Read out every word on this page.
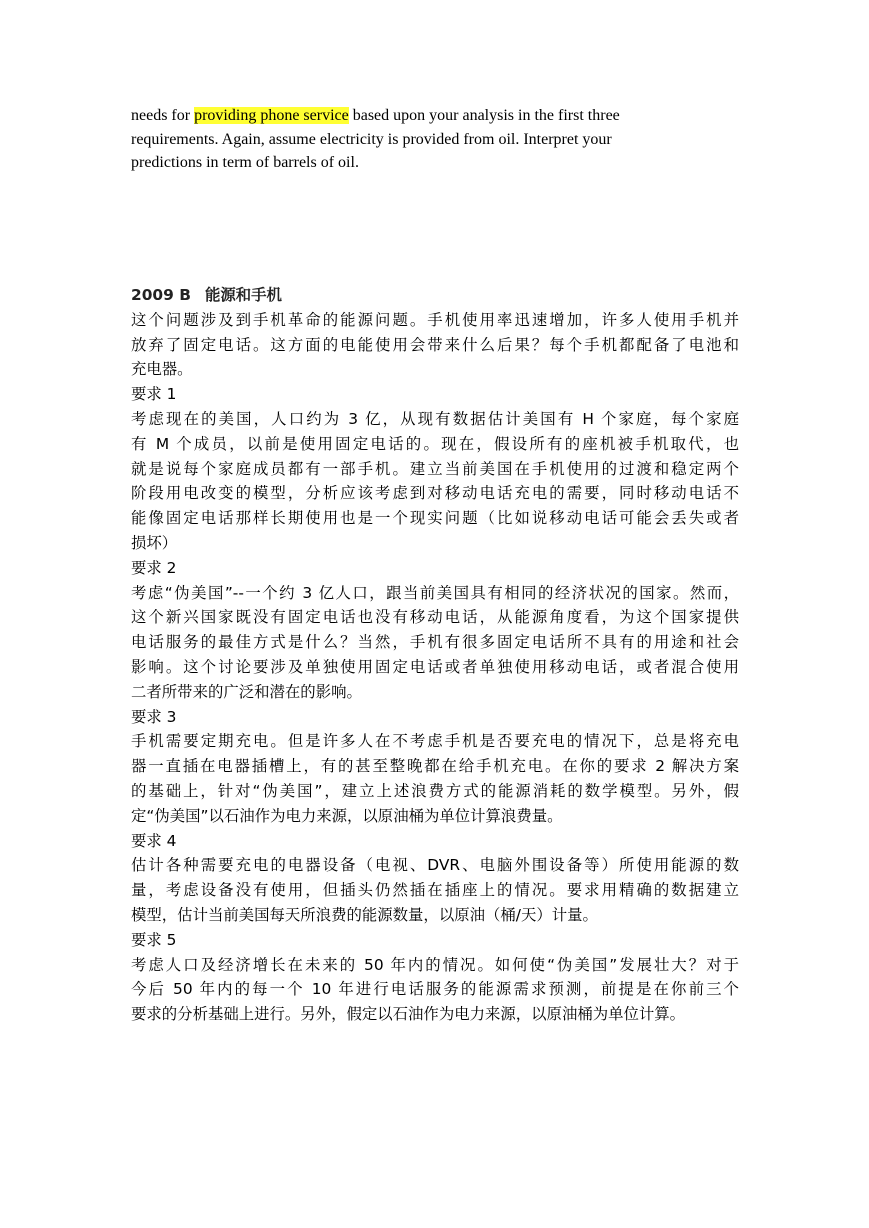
needs for providing phone service based upon your analysis in the first three
requirements. Again, assume electricity is provided from oil. Interpret your
predictions in term of barrels of oil.
2009 B 能源和手机
这个问题涉及到手机革命的能源问题。手机使用率迅速增加，许多人使用手机并
放弃了固定电话。这方面的电能使用会带来什么后果？每个手机都配备了电池和
充电器。
要求 1
考虑现在的美国，人口约为 3 亿，从现有数据估计美国有 H 个家庭，每个家庭
有 M 个成员，以前是使用固定电话的。现在，假设所有的座机被手机取代，也
就是说每个家庭成员都有一部手机。建立当前美国在手机使用的过渡和稳定两个
阶段用电改变的模型，分析应该考虑到对移动电话充电的需要，同时移动电话不
能像固定电话那样长期使用也是一个现实问题（比如说移动电话可能会丢失或者
损坏）
要求 2
考虑“伪美国”--一个约 3 亿人口，跟当前美国具有相同的经济状况的国家。然而，
这个新兴国家既没有固定电话也没有移动电话，从能源角度看，为这个国家提供
电话服务的最佳方式是什么？当然，手机有很多固定电话所不具有的用途和社会
影响。这个讨论要涉及单独使用固定电话或者单独使用移动电话，或者混合使用
二者所带来的广泛和潜在的影响。
要求 3
手机需要定期充电。但是许多人在不考虑手机是否要充电的情况下，总是将充电
器一直插在电器插槽上，有的甚至整晚都在给手机充电。在你的要求 2 解决方案
的基础上，针对“伪美国”，建立上述浪费方式的能源消耗的数学模型。另外，假
定“伪美国”以石油作为电力来源，以原油桶为单位计算浪费量。
要求 4
估计各种需要充电的电器设备（电视、DVR、电脑外围设备等）所使用能源的数
量，考虑设备没有使用，但插头仍然插在插座上的情况。要求用精确的数据建立
模型，估计当前美国每天所浪费的能源数量，以原油（桶/天）计量。
要求 5
考虑人口及经济增长在未来的 50 年内的情况。如何使“伪美国”发展壮大？对于
今后 50 年内的每一个 10 年进行电话服务的能源需求预测，前提是在你前三个
要求的分析基础上进行。另外，假定以石油作为电力来源，以原油桶为单位计算。
